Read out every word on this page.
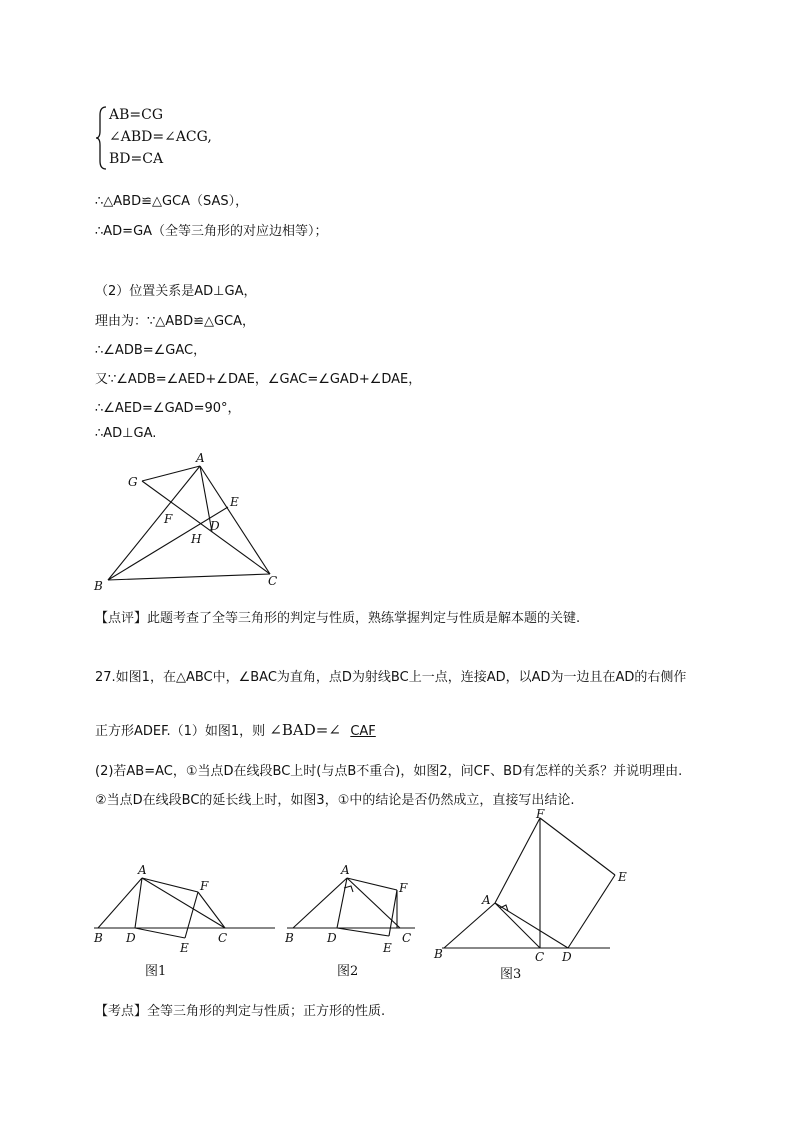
AB=CG
∠ABD=∠ACG,
BD=CA
∴△ABD≌△GCA（SAS），
∴AD=GA（全等三角形的对应边相等）；
（2）位置关系是AD⊥GA，
理由为：∵△ABD≌△GCA，
∴∠ADB=∠GAC，
又∵∠ADB=∠AED+∠DAE，∠GAC=∠GAD+∠DAE，
∴∠AED=∠GAD=90°，
∴AD⊥GA.
A
G
E
F	D
H
B	C
【点评】此题考查了全等三角形的判定与性质，熟练掌握判定与性质是解本题的关键.
27.如图1，在△ABC中，∠BAC为直角，点D为射线BC上一点，连接AD，以AD为一边且在AD的右侧作
正方形ADEF.（1）如图1，则 ∠BAD=∠ CAF
(2)若AB=AC，①当点D在线段BC上时(与点B不重合)，如图2，问CF、BD有怎样的关系？并说明理由.
②当点D在线段BC的延长线上时，如图3，①中的结论是否仍然成立，直接写出结论.
A
F
B D
E
C
图1
A
F
B	D
E
C
图2
F
E
A
B	C D
图3
【考点】全等三角形的判定与性质；正方形的性质.
